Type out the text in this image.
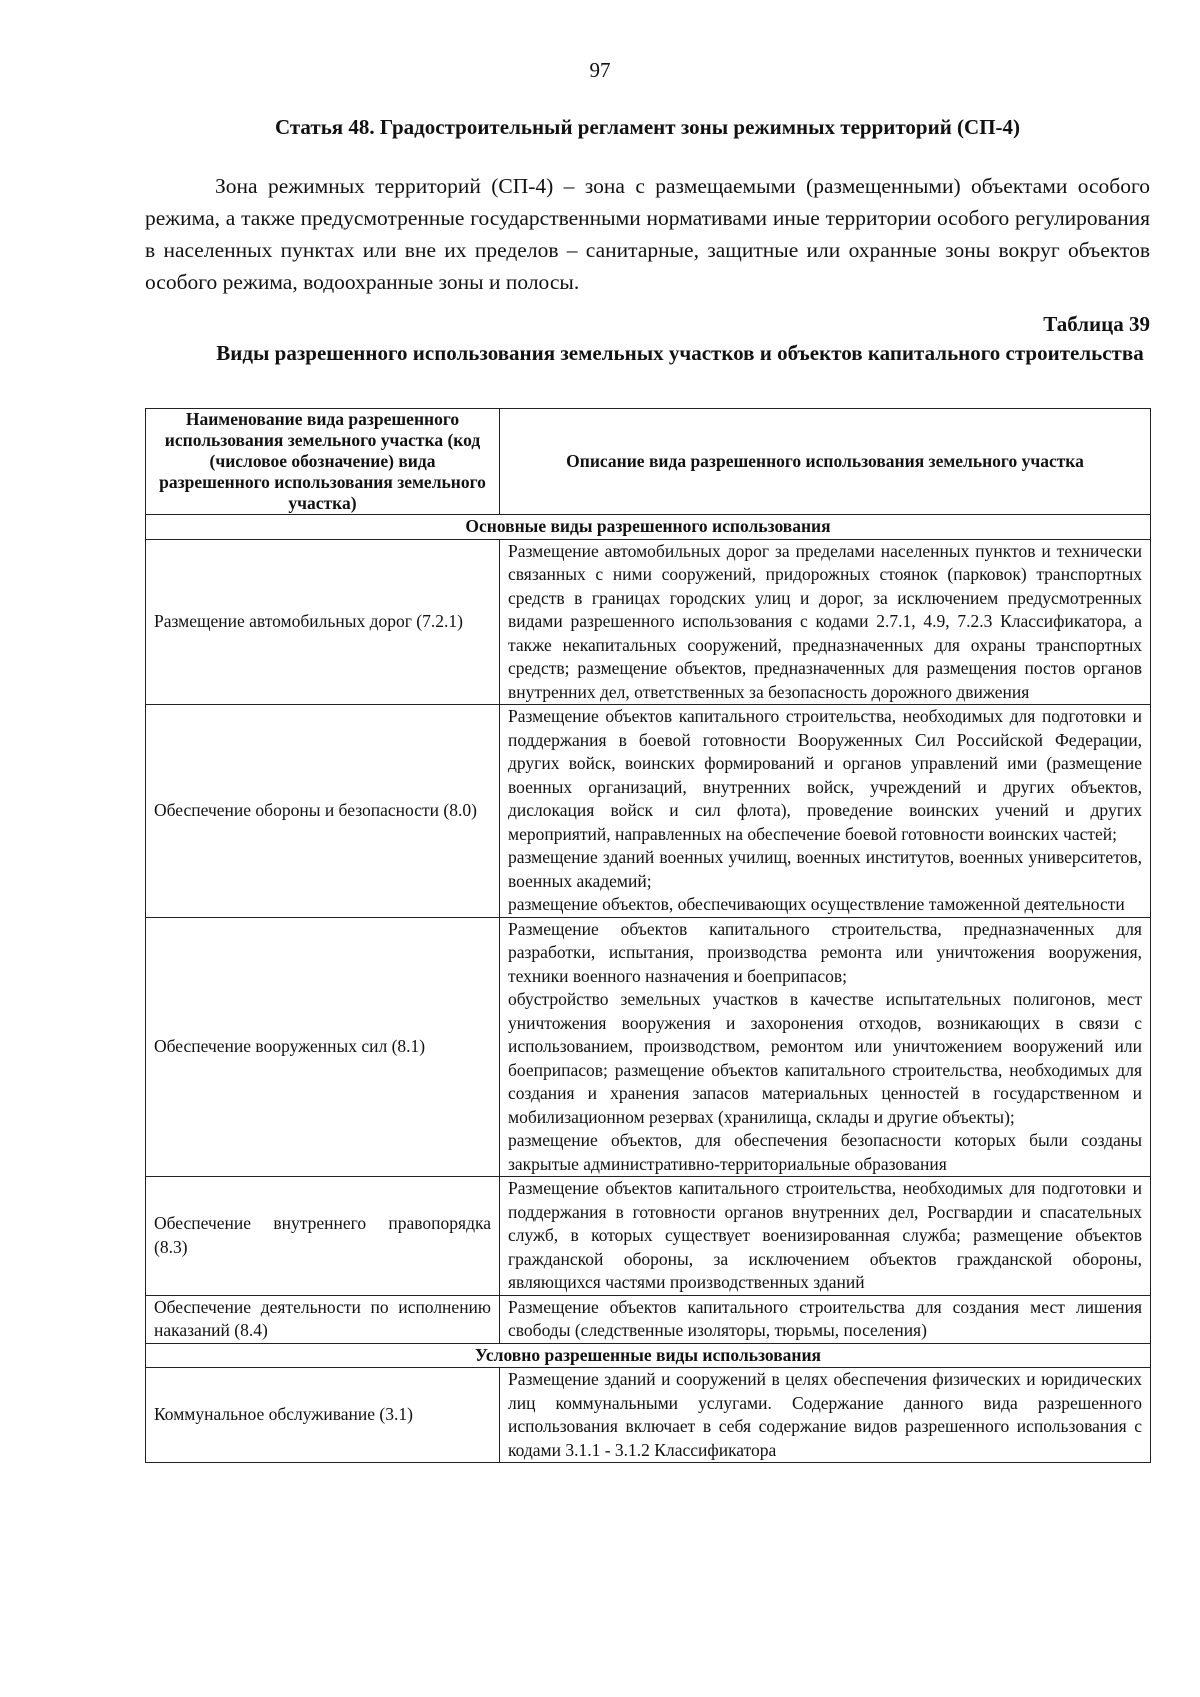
97
Статья 48. Градостроительный регламент зоны режимных территорий (СП-4)

Зона режимных территорий (СП-4) – зона с размещаемыми (размещенными) объектами особого режима, а также предусмотренные государственными нормативами иные территории особого регулирования в населенных пунктах или вне их пределов – санитарные, защитные или охранные зоны вокруг объектов особого режима, водоохранные зоны и полосы.

Таблица 39
Виды разрешенного использования земельных участков и объектов капитального строительства
Наименование вида разрешенного использования земельного участка (код (числовое обозначение) вида разрешенного использования земельного участка)	Описание вида разрешенного использования земельного участка
Основные виды разрешенного использования	
Размещение автомобильных дорог (7.2.1)	Размещение автомобильных дорог за пределами населенных пунктов и технически связанных с ними сооружений, придорожных стоянок (парковок) транспортных средств в границах городских улиц и дорог, за исключением предусмотренных видами разрешенного использования с кодами 2.7.1, 4.9, 7.2.3 Классификатора, а также некапитальных сооружений, предназначенных для охраны транспортных средств; размещение объектов, предназначенных для размещения постов органов внутренних дел, ответственных за безопасность дорожного движения

Обеспечение обороны и безопасности (8.0)	Размещение объектов капитального строительства, необходимых для подготовки и поддержания в боевой готовности Вооруженных Сил Российской Федерации, других войск, воинских формирований и органов управлений ими (размещение военных организаций, внутренних войск, учреждений и других объектов, дислокация войск и сил флота), проведение воинских учений и других мероприятий, направленных на обеспечение боевой готовности воинских частей;
размещение зданий военных училищ, военных институтов, военных университетов, военных академий;
размещение объектов, обеспечивающих осуществление таможенной деятельности

Обеспечение вооруженных сил (8.1)	Размещение объектов капитального строительства, предназначенных для разработки, испытания, производства ремонта или уничтожения вооружения, техники военного назначения и боеприпасов;
обустройство земельных участков в качестве испытательных полигонов, мест уничтожения вооружения и захоронения отходов, возникающих в связи с использованием, производством, ремонтом или уничтожением вооружений или боеприпасов; размещение объектов капитального строительства, необходимых для создания и хранения запасов материальных ценностей в государственном и мобилизационном резервах (хранилища, склады и другие объекты);
размещение объектов, для обеспечения безопасности которых были созданы закрытые административно-территориальные образования

Обеспечение внутреннего правопорядка (8.3)	Размещение объектов капитального строительства, необходимых для подготовки и поддержания в готовности органов внутренних дел, Росгвардии и спасательных служб, в которых существует военизированная служба; размещение объектов гражданской обороны, за исключением объектов гражданской обороны, являющихся частями производственных зданий

Обеспечение деятельности по исполнению наказаний (8.4)	Размещение объектов капитального строительства для создания мест лишения свободы (следственные изоляторы, тюрьмы, поселения)

Условно разрешенные виды использования	
Коммунальное обслуживание (3.1)	Размещение зданий и сооружений в целях обеспечения физических и юридических лиц коммунальными услугами. Содержание данного вида разрешенного использования включает в себя содержание видов разрешенного использования с кодами 3.1.1 - 3.1.2 Классификатора
